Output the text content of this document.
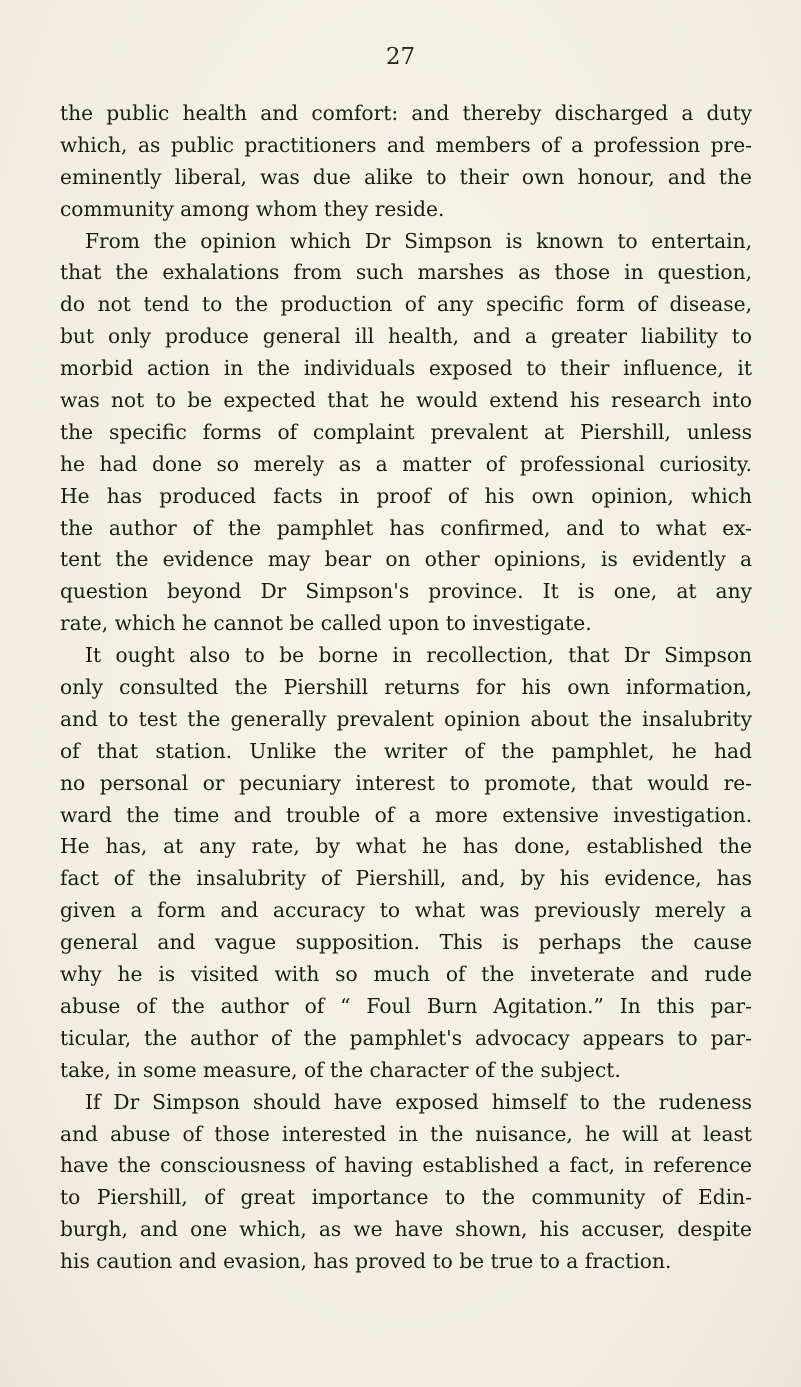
27
the public health and comfort: and thereby discharged a duty
which, as public practitioners and members of a profession pre-
eminently liberal, was due alike to their own honour, and the
community among whom they reside.
From the opinion which Dr Simpson is known to entertain,
that the exhalations from such marshes as those in question,
do not tend to the production of any specific form of disease,
but only produce general ill health, and a greater liability to
morbid action in the individuals exposed to their influence, it
was not to be expected that he would extend his research into
the specific forms of complaint prevalent at Piershill, unless
he had done so merely as a matter of professional curiosity.
He has produced facts in proof of his own opinion, which
the author of the pamphlet has confirmed, and to what ex-
tent the evidence may bear on other opinions, is evidently a
question beyond Dr Simpson's province. It is one, at any
rate, which he cannot be called upon to investigate.
It ought also to be borne in recollection, that Dr Simpson
only consulted the Piershill returns for his own information,
and to test the generally prevalent opinion about the insalubrity
of that station. Unlike the writer of the pamphlet, he had
no personal or pecuniary interest to promote, that would re-
ward the time and trouble of a more extensive investigation.
He has, at any rate, by what he has done, established the
fact of the insalubrity of Piershill, and, by his evidence, has
given a form and accuracy to what was previously merely a
general and vague supposition. This is perhaps the cause
why he is visited with so much of the inveterate and rude
abuse of the author of “ Foul Burn Agitation.” In this par-
ticular, the author of the pamphlet's advocacy appears to par-
take, in some measure, of the character of the subject.
If Dr Simpson should have exposed himself to the rudeness
and abuse of those interested in the nuisance, he will at least
have the consciousness of having established a fact, in reference
to Piershill, of great importance to the community of Edin-
burgh, and one which, as we have shown, his accuser, despite
his caution and evasion, has proved to be true to a fraction.
